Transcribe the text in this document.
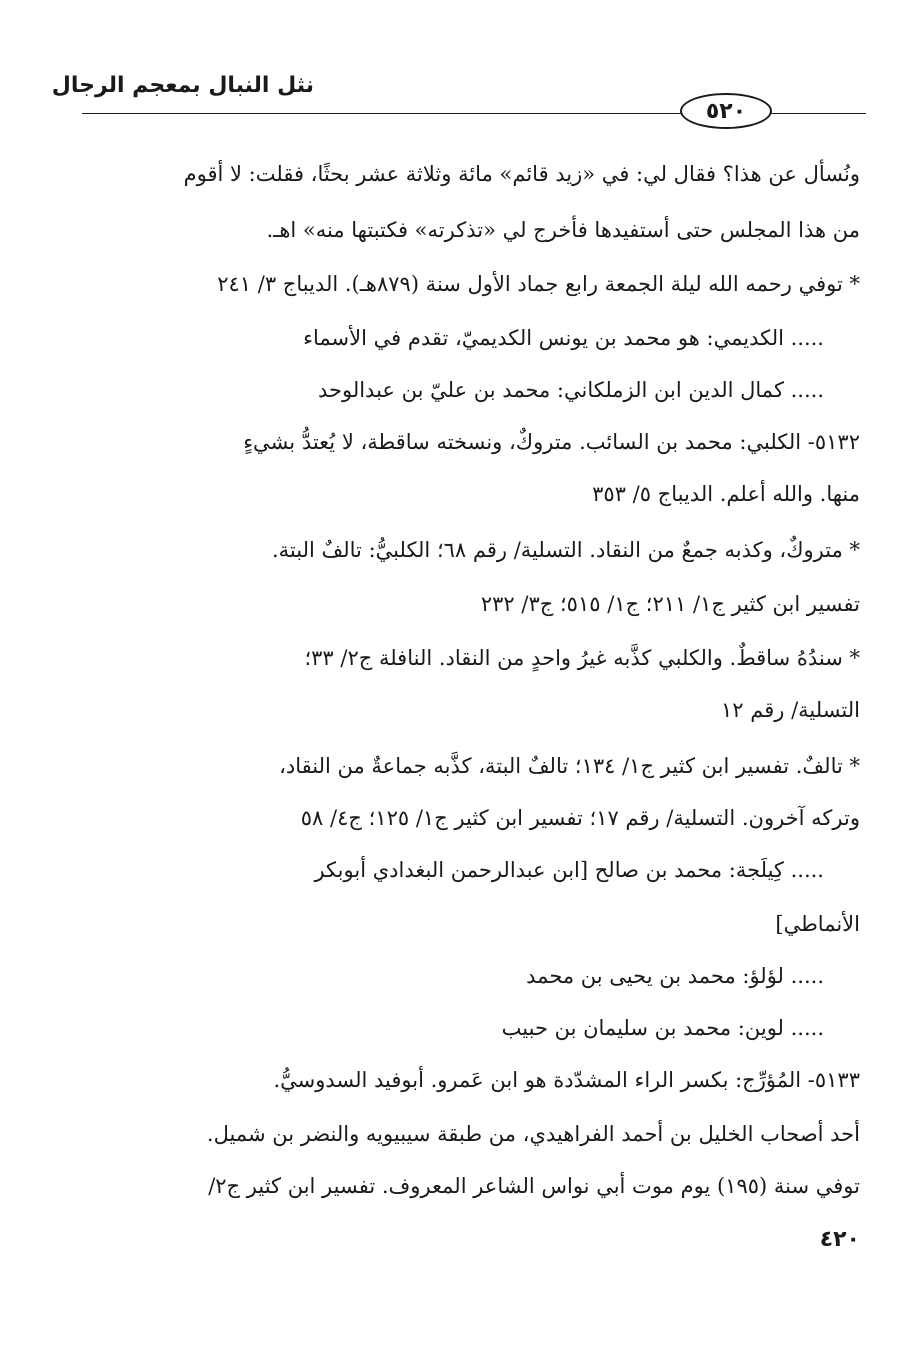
نثل النبال بمعجم الرجال
٥٢٠
ونُسأل عن هذا؟ فقال لي: في «زيد قائم» مائة وثلاثة عشر بحثًا، فقلت: لا أقوم
من هذا المجلس حتى أستفيدها فأخرج لي «تذكرته» فكتبتها منه» اهـ.
* توفي رحمه الله ليلة الجمعة رابع جماد الأول سنة (٨٧٩هـ). الديباج ٣/ ٢٤١
..... الكديمي: هو محمد بن يونس الكديميّ، تقدم في الأسماء
..... كمال الدين ابن الزملكاني: محمد بن عليّ بن عبدالوحد
٥١٣٢- الكلبي: محمد بن السائب. متروكٌ، ونسخته ساقطة، لا يُعتدُّ بشيءٍ
منها. والله أعلم. الديباج ٥/ ٣٥٣
* متروكٌ، وكذبه جمعٌ من النقاد. التسلية/ رقم ٦٨؛ الكلبيُّ: تالفٌ البتة.
تفسير ابن كثير ج١/ ٢١١؛ ج١/ ٥١٥؛ ج٣/ ٢٣٢
* سندُهُ ساقطٌ. والكلبي كذَّبه غيرُ واحدٍ من النقاد. النافلة ج٢/ ٣٣؛
التسلية/ رقم ١٢
* تالفٌ. تفسير ابن كثير ج١/ ١٣٤؛ تالفٌ البتة، كذَّبه جماعةٌ من النقاد،
وتركه آخرون. التسلية/ رقم ١٧؛ تفسير ابن كثير ج١/ ١٢٥؛ ج٤/ ٥٨
..... كِيلَجة: محمد بن صالح [ابن عبدالرحمن البغدادي أبوبكر
الأنماطي]
..... لؤلؤ: محمد بن يحيى بن محمد
..... لوين: محمد بن سليمان بن حبيب
٥١٣٣- المُؤرِّج: بكسر الراء المشدّدة هو ابن عَمرو. أبوفيد السدوسيُّ.
أحد أصحاب الخليل بن أحمد الفراهيدي، من طبقة سيبيويه والنضر بن شميل.
توفي سنة (١٩٥) يوم موت أبي نواس الشاعر المعروف. تفسير ابن كثير ج٢/
٤٢٠
